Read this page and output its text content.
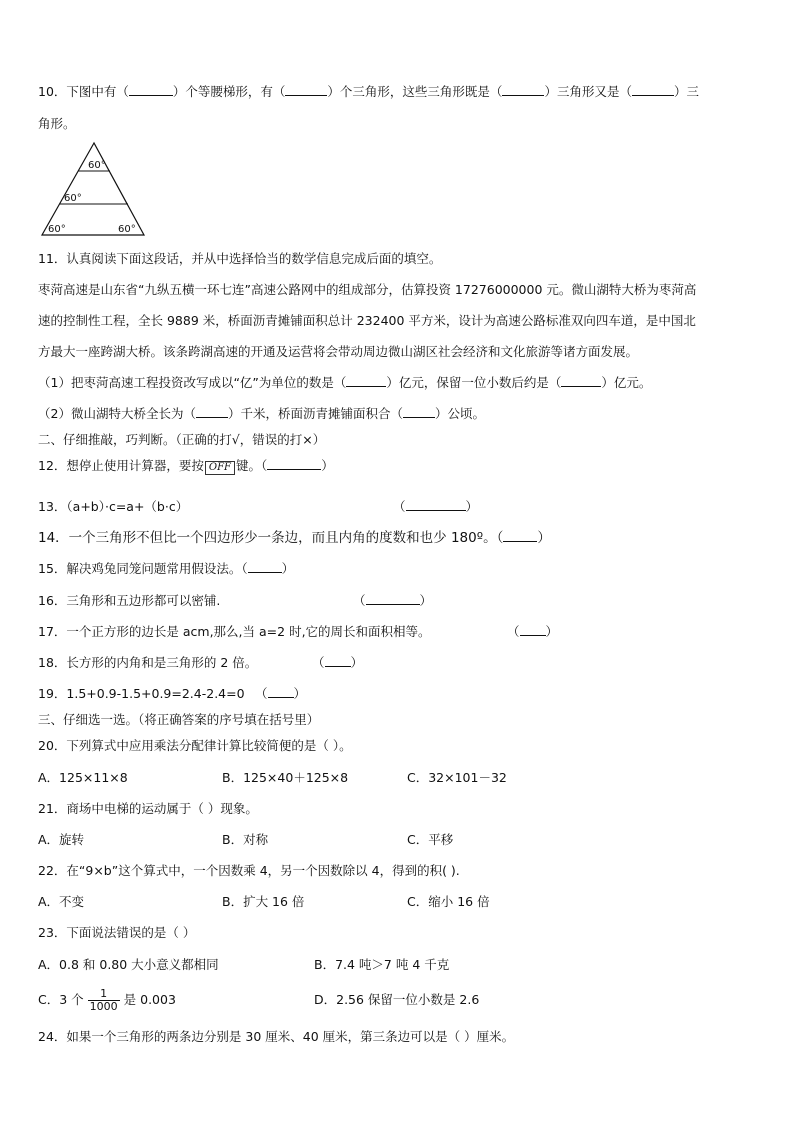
10．下图中有（	）个等腰梯形，有（	）个三角形，这些三角形既是（	）三角形又是（	）三
角形。
60°
60°
60°	60°
11．认真阅读下面这段话，并从中选择恰当的数学信息完成后面的填空。
枣菏高速是山东省“九纵五横一环七连”高速公路网中的组成部分，估算投资 17276000000 元。微山湖特大桥为枣菏高
速的控制性工程，全长 9889 米，桥面沥青摊铺面积总计 232400 平方米，设计为高速公路标准双向四车道，是中国北
方最大一座跨湖大桥。该条跨湖高速的开通及运营将会带动周边微山湖区社会经济和文化旅游等诸方面发展。
（1）把枣菏高速工程投资改写成以“亿”为单位的数是（	）亿元，保留一位小数后约是（	）亿元。
（2）微山湖特大桥全长为（	）千米，桥面沥青摊铺面积合（	）公顷。
二、仔细推敲，巧判断。（正确的打√，错误的打×）
12．想停止使用计算器，要按 OFF 键。（	）
13．（a+b）·c=a+（b·c）	（	）
14．一个三角形不但比一个四边形少一条边，而且内角的度数和也少 180º。（	）
15．解决鸡兔同笼问题常用假设法。（	）
16．三角形和五边形都可以密铺.	（	）
17．一个正方形的边长是 acm,那么,当 a=2 时,它的周长和面积相等。	（ ）
18．长方形的内角和是三角形的 2 倍。	（ ）
19．1.5+0.9-1.5+0.9=2.4-2.4=0 （ ）
三、仔细选一选。（将正确答案的序号填在括号里）
20．下列算式中应用乘法分配律计算比较简便的是（ ）。
A．125×11×8	B．125×40＋125×8	C．32×101－32
21．商场中电梯的运动属于（ ）现象。
A．旋转	B．对称	C．平移
22．在“9×b”这个算式中，一个因数乘 4，另一个因数除以 4，得到的积( ).
A．不变	B．扩大 16 倍	C．缩小 16 倍
23．下面说法错误的是（ ）
A．0.8 和 0.80 大小意义都相同	B．7.4 吨＞7 吨 4 千克
C．3 个 $\frac{1}{1000}$ 是 0.003	D．2.56 保留一位小数是 2.6
24．如果一个三角形的两条边分别是 30 厘米、40 厘米，第三条边可以是（ ）厘米。
